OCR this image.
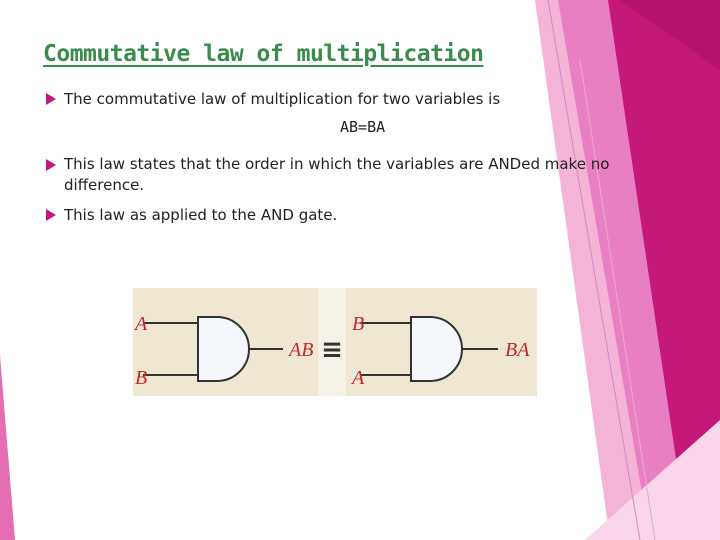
Commutative law of multiplication
The commutative law of multiplication for two variables is
AB=BA
This law states that the order in which the variables are ANDed make no
difference.
This law as applied to the AND gate.
A
B
AB ≡
B
A
BA
